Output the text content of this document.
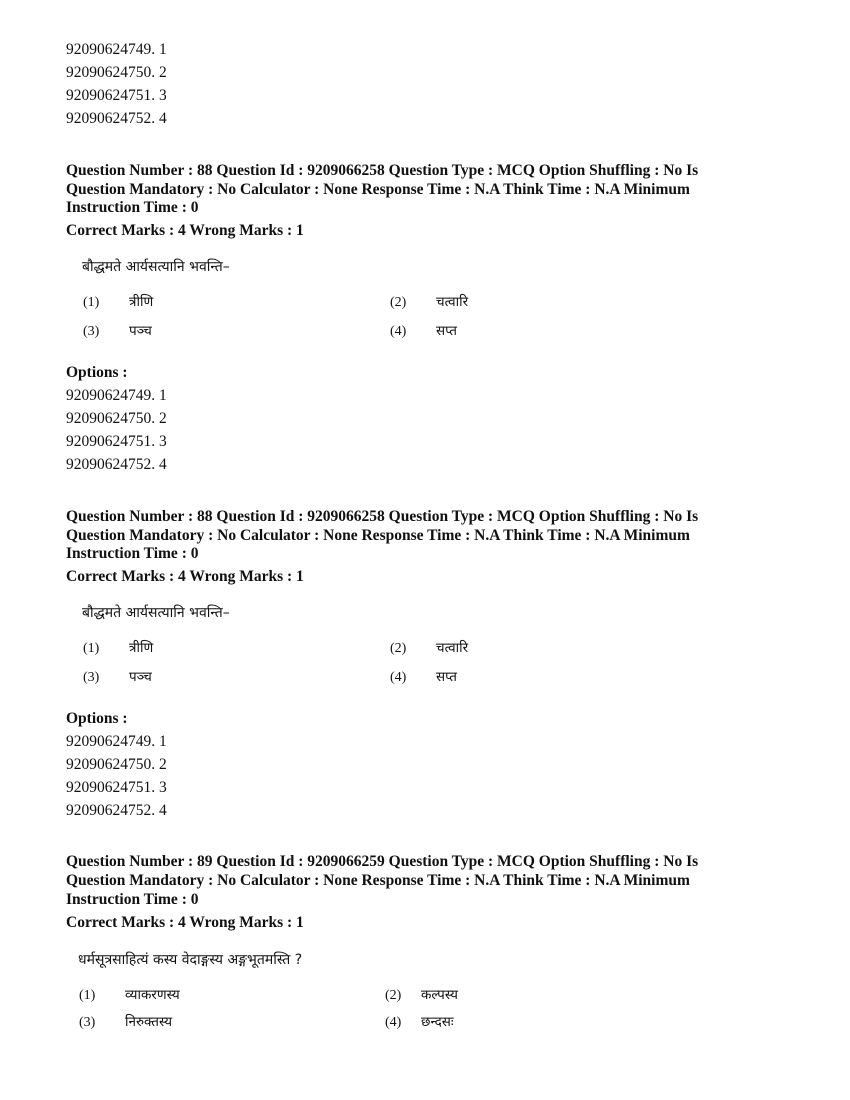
92090624749. 1
92090624750. 2
92090624751. 3
92090624752. 4
Question Number : 88 Question Id : 9209066258 Question Type : MCQ Option Shuffling : No Is
Question Mandatory : No Calculator : None Response Time : N.A Think Time : N.A Minimum
Instruction Time : 0
Correct Marks : 4 Wrong Marks : 1
बौद्धमते आर्यसत्यानि भवन्ति–
(1) त्रीणि	(2) चत्वारि
(3) पञ्च	(4) सप्त
Options :
92090624749. 1
92090624750. 2
92090624751. 3
92090624752. 4
Question Number : 88 Question Id : 9209066258 Question Type : MCQ Option Shuffling : No Is
Question Mandatory : No Calculator : None Response Time : N.A Think Time : N.A Minimum
Instruction Time : 0
Correct Marks : 4 Wrong Marks : 1
बौद्धमते आर्यसत्यानि भवन्ति–
(1) त्रीणि	(2) चत्वारि
(3) पञ्च	(4) सप्त
Options :
92090624749. 1
92090624750. 2
92090624751. 3
92090624752. 4
Question Number : 89 Question Id : 9209066259 Question Type : MCQ Option Shuffling : No Is
Question Mandatory : No Calculator : None Response Time : N.A Think Time : N.A Minimum
Instruction Time : 0
Correct Marks : 4 Wrong Marks : 1
धर्मसूत्रसाहित्यं कस्य वेदाङ्गस्य अङ्गभूतमस्ति ?
(1) व्याकरणस्य	(2) कल्पस्य
(3) निरुक्तस्य	(4) छन्दसः
